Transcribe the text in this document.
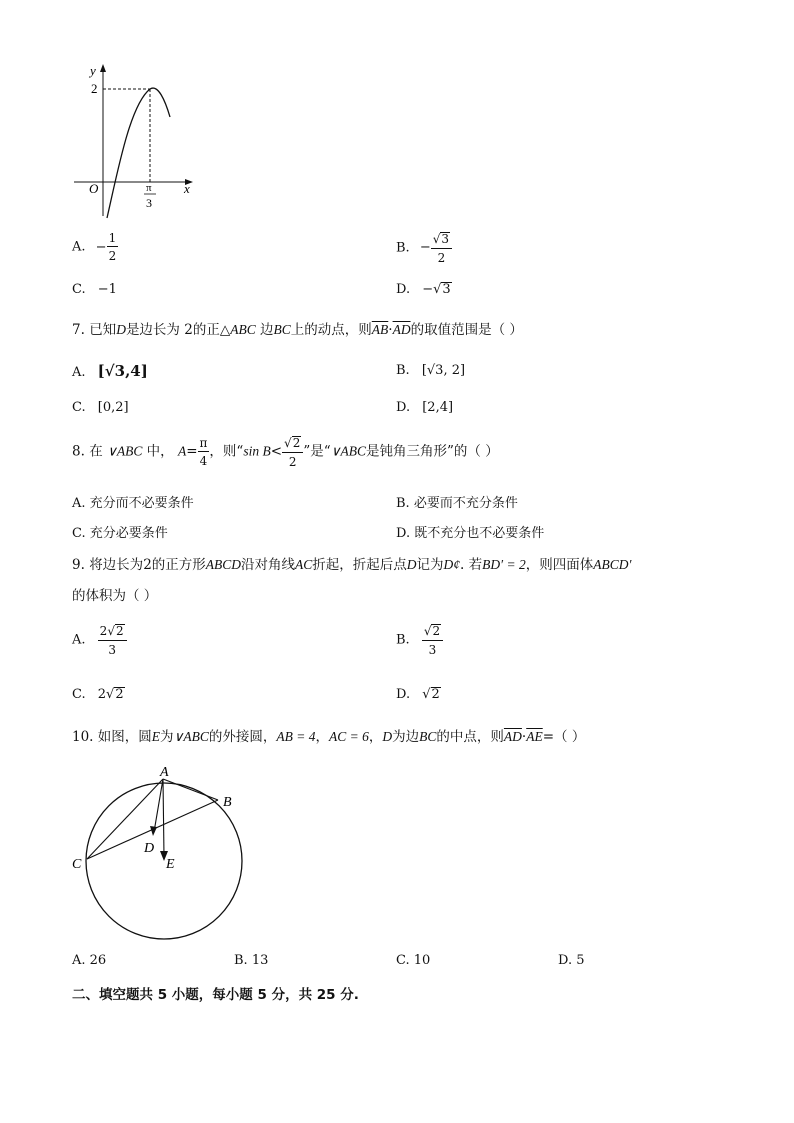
y
x
O
2
π
3
A. − $\frac{1}{2}$	B. − $\frac{√3}{2}$
C. −1	D. −√3
7. 已知D是边长为 2的正△ABC 边BC上的动点，则$\overline{AB}\cdot\overline{AD}$的取值范围是（ ）
A. [√3,4]	B. [√3, 2]
C. [0,2]	D. [2,4]
8. 在 ∨ABC 中， $A= \frac{\pi}{4}$ ，则“sin $B< \frac{√2}{2}$ ”是“∨ABC是钝角三角形”的（ ）
A. 充分而不必要条件	B. 必要而不充分条件
C. 充分必要条件	D. 既不充分也不必要条件
9. 将边长为2的正方形ABCD沿对角线AC折起，折起后点D记为D¢. 若BD′ = 2，则四面体ABCD′
的体积为（ ）
A. $\frac{2√2}{3}$	B. $\frac{√2}{3}$
C. 2√2	D. √2
10. 如图，圆E为∨ABC的外接圆，AB = 4，AC = 6，D为边BC的中点，则$\overline{AD}\cdot\overline{AE}=$（ ）
A
B
C
D
E
A. 26	B. 13	C. 10	D. 5
二、填空题共 5 小题，每小题 5 分，共 25 分.
